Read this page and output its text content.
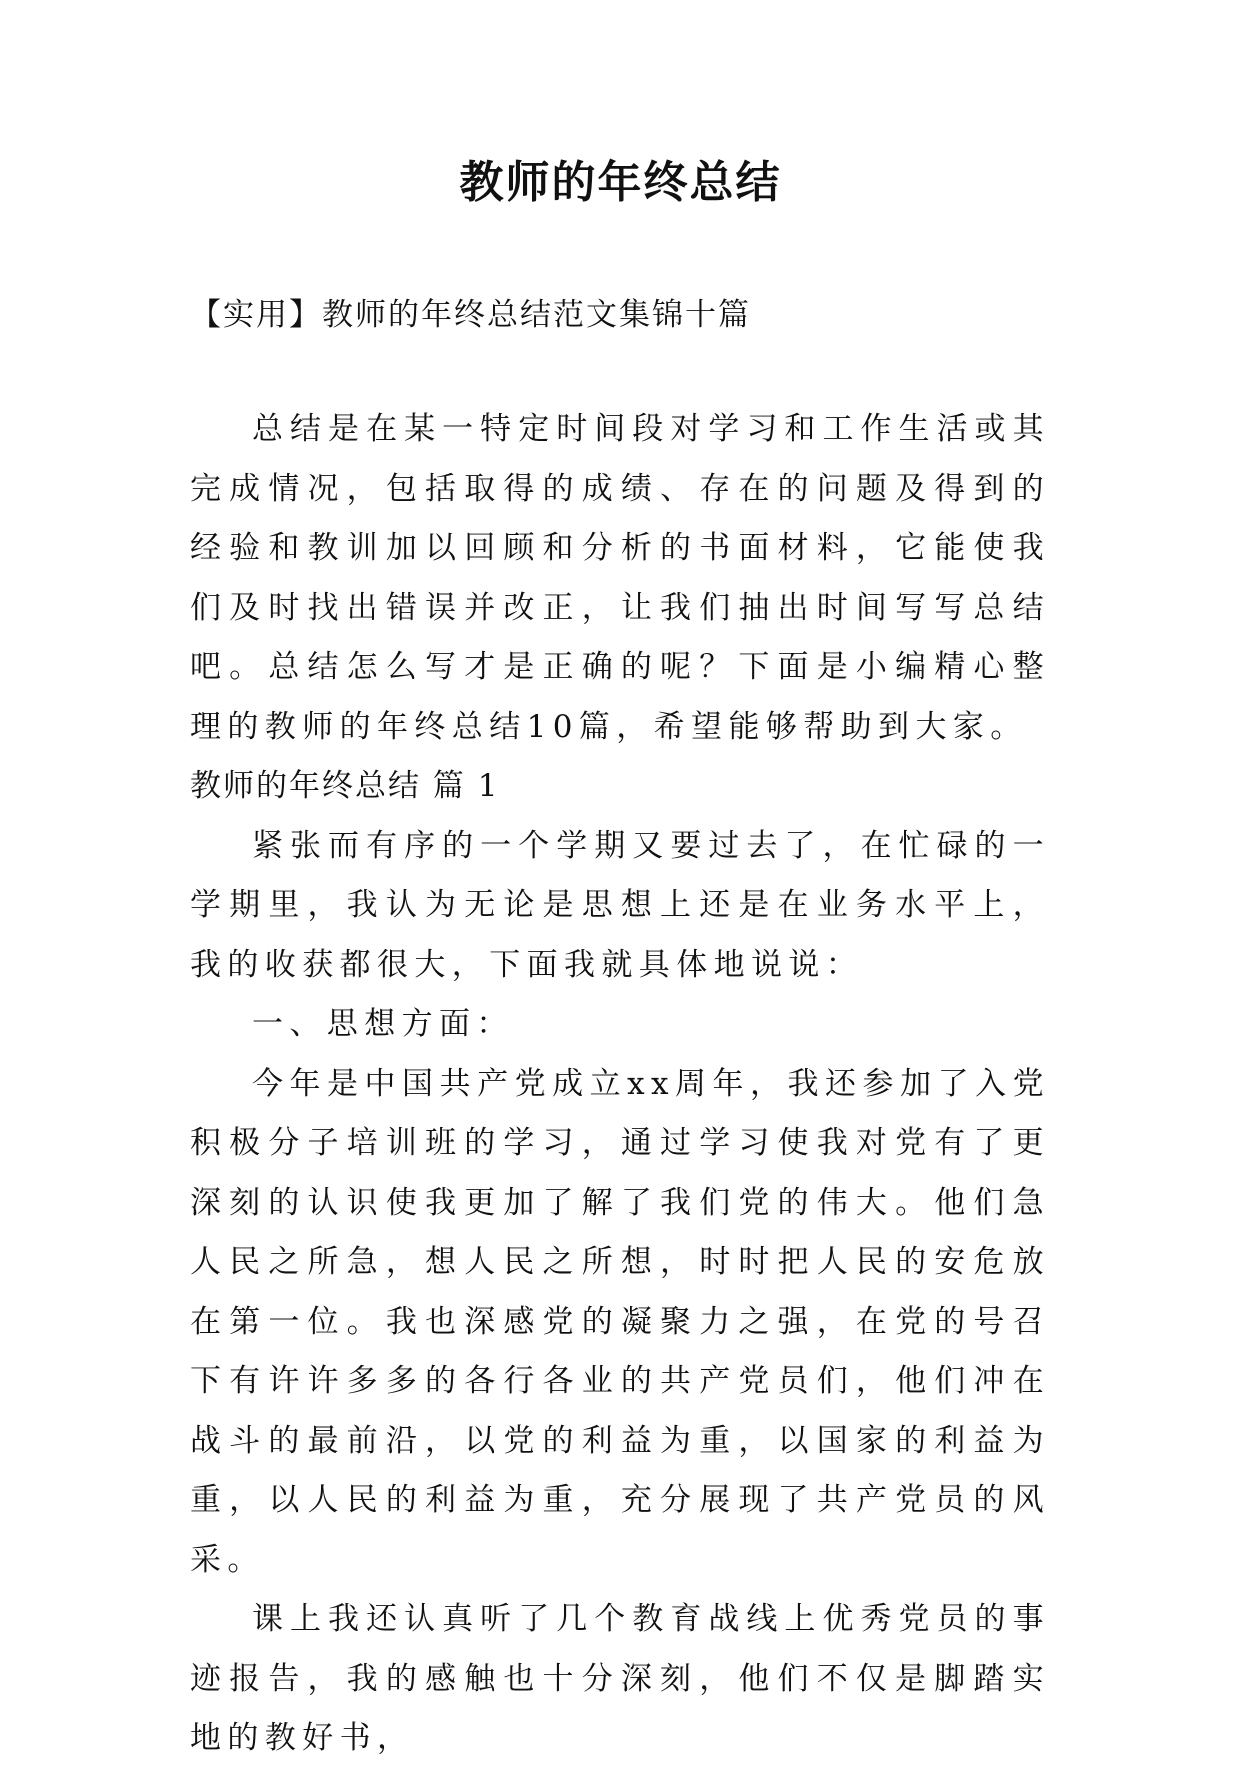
教师的年终总结

【实用】教师的年终总结范文集锦十篇

总结是在某一特定时间段对学习和工作生活或其完成情况，包括取得的成绩、存在的问题及得到的经验和教训加以回顾和分析的书面材料，它能使我们及时找出错误并改正，让我们抽出时间写写总结吧。总结怎么写才是正确的呢？下面是小编精心整理的教师的年终总结10篇，希望能够帮助到大家。

教师的年终总结 篇 1

紧张而有序的一个学期又要过去了，在忙碌的一学期里，我认为无论是思想上还是在业务水平上，我的收获都很大，下面我就具体地说说：

一、思想方面：

今年是中国共产党成立xx周年，我还参加了入党积极分子培训班的学习，通过学习使我对党有了更深刻的认识使我更加了解了我们党的伟大。他们急人民之所急，想人民之所想，时时把人民的安危放在第一位。我也深感党的凝聚力之强，在党的号召下有许许多多的各行各业的共产党员们，他们冲在战斗的最前沿，以党的利益为重，以国家的利益为重，以人民的利益为重，充分展现了共产党员的风采。

课上我还认真听了几个教育战线上优秀党员的事迹报告，我的感触也十分深刻，他们不仅是脚踏实地的教好书，
